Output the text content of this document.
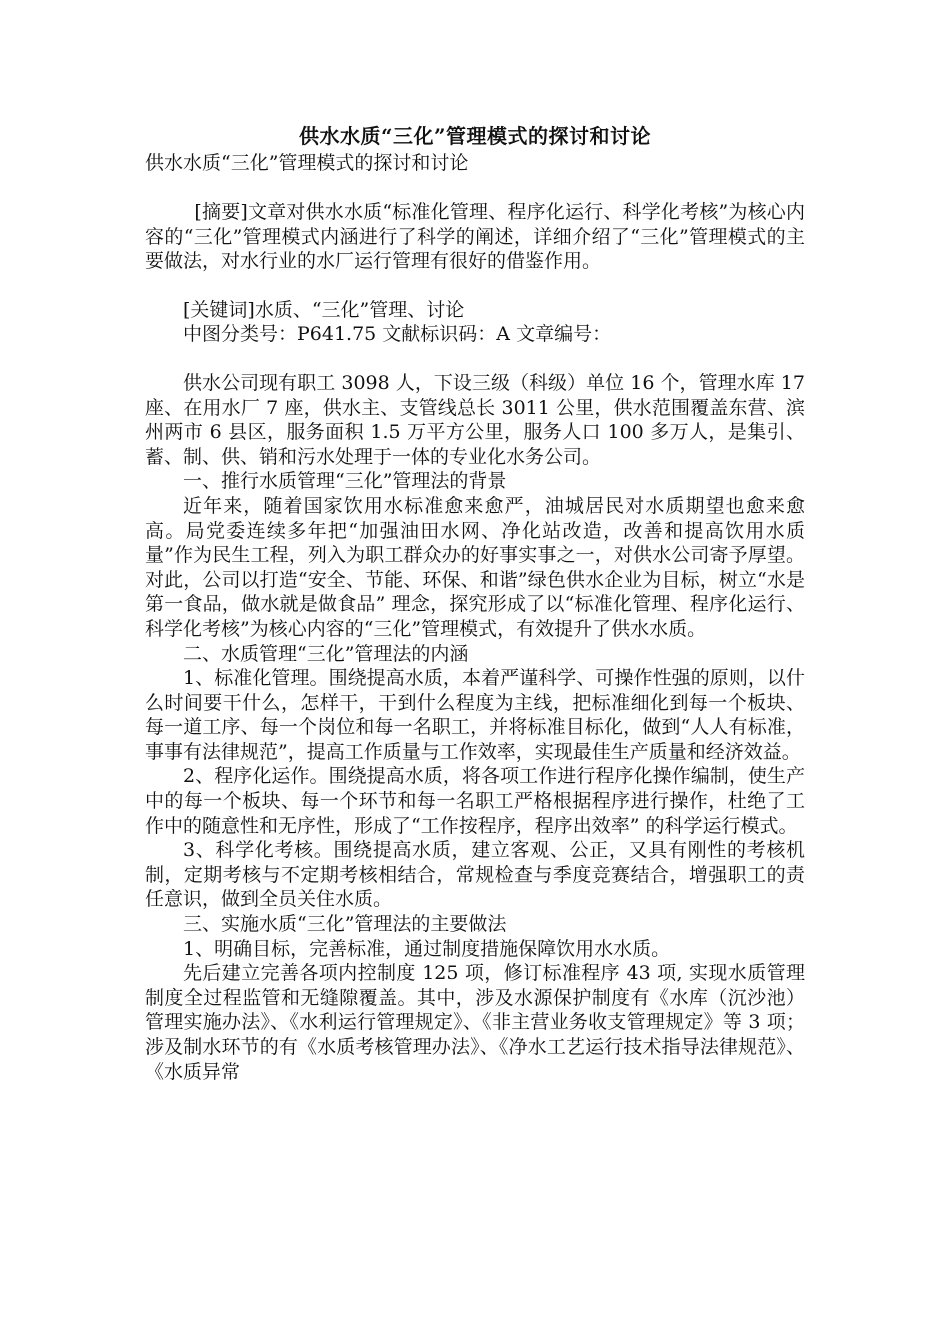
供水水质“三化”管理模式的探讨和讨论

供水水质“三化”管理模式的探讨和讨论

[摘要]文章对供水水质“标准化管理、程序化运行、科学化考核”为核心内容的“三化”管理模式内涵进行了科学的阐述，详细介绍了“三化”管理模式的主要做法，对水行业的水厂运行管理有很好的借鉴作用。

[关键词]水质、“三化”管理、讨论

中图分类号：P641.75 文献标识码：A 文章编号：

供水公司现有职工 3098 人，下设三级（科级）单位 16 个，管理水库 17 座、在用水厂 7 座，供水主、支管线总长 3011 公里，供水范围覆盖东营、滨州两市 6 县区，服务面积 1.5 万平方公里，服务人口 100 多万人，是集引、蓄、制、供、销和污水处理于一体的专业化水务公司。

一、推行水质管理“三化”管理法的背景

近年来，随着国家饮用水标准愈来愈严，油城居民对水质期望也愈来愈高。局党委连续多年把“加强油田水网、净化站改造，改善和提高饮用水质量”作为民生工程，列入为职工群众办的好事实事之一，对供水公司寄予厚望。对此，公司以打造“安全、节能、环保、和谐”绿色供水企业为目标，树立“水是第一食品，做水就是做食品” 理念，探究形成了以“标准化管理、程序化运行、科学化考核”为核心内容的“三化”管理模式，有效提升了供水水质。

二、水质管理“三化”管理法的内涵

1、标准化管理。围绕提高水质，本着严谨科学、可操作性强的原则，以什么时间要干什么，怎样干，干到什么程度为主线，把标准细化到每一个板块、每一道工序、每一个岗位和每一名职工，并将标准目标化，做到“人人有标准，事事有法律规范”，提高工作质量与工作效率，实现最佳生产质量和经济效益。

2、程序化运作。围绕提高水质，将各项工作进行程序化操作编制，使生产中的每一个板块、每一个环节和每一名职工严格根据程序进行操作，杜绝了工作中的随意性和无序性，形成了“工作按程序，程序出效率” 的科学运行模式。

3、科学化考核。围绕提高水质，建立客观、公正，又具有刚性的考核机制，定期考核与不定期考核相结合，常规检查与季度竞赛结合，增强职工的责任意识，做到全员关住水质。

三、实施水质“三化”管理法的主要做法

1、明确目标，完善标准，通过制度措施保障饮用水水质。

先后建立完善各项内控制度 125 项，修订标准程序 43 项, 实现水质管理制度全过程监管和无缝隙覆盖。其中，涉及水源保护制度有《水库（沉沙池）管理实施办法》、《水利运行管理规定》、《非主营业务收支管理规定》等 3 项；涉及制水环节的有《水质考核管理办法》、《净水工艺运行技术指导法律规范》、《水质异常
